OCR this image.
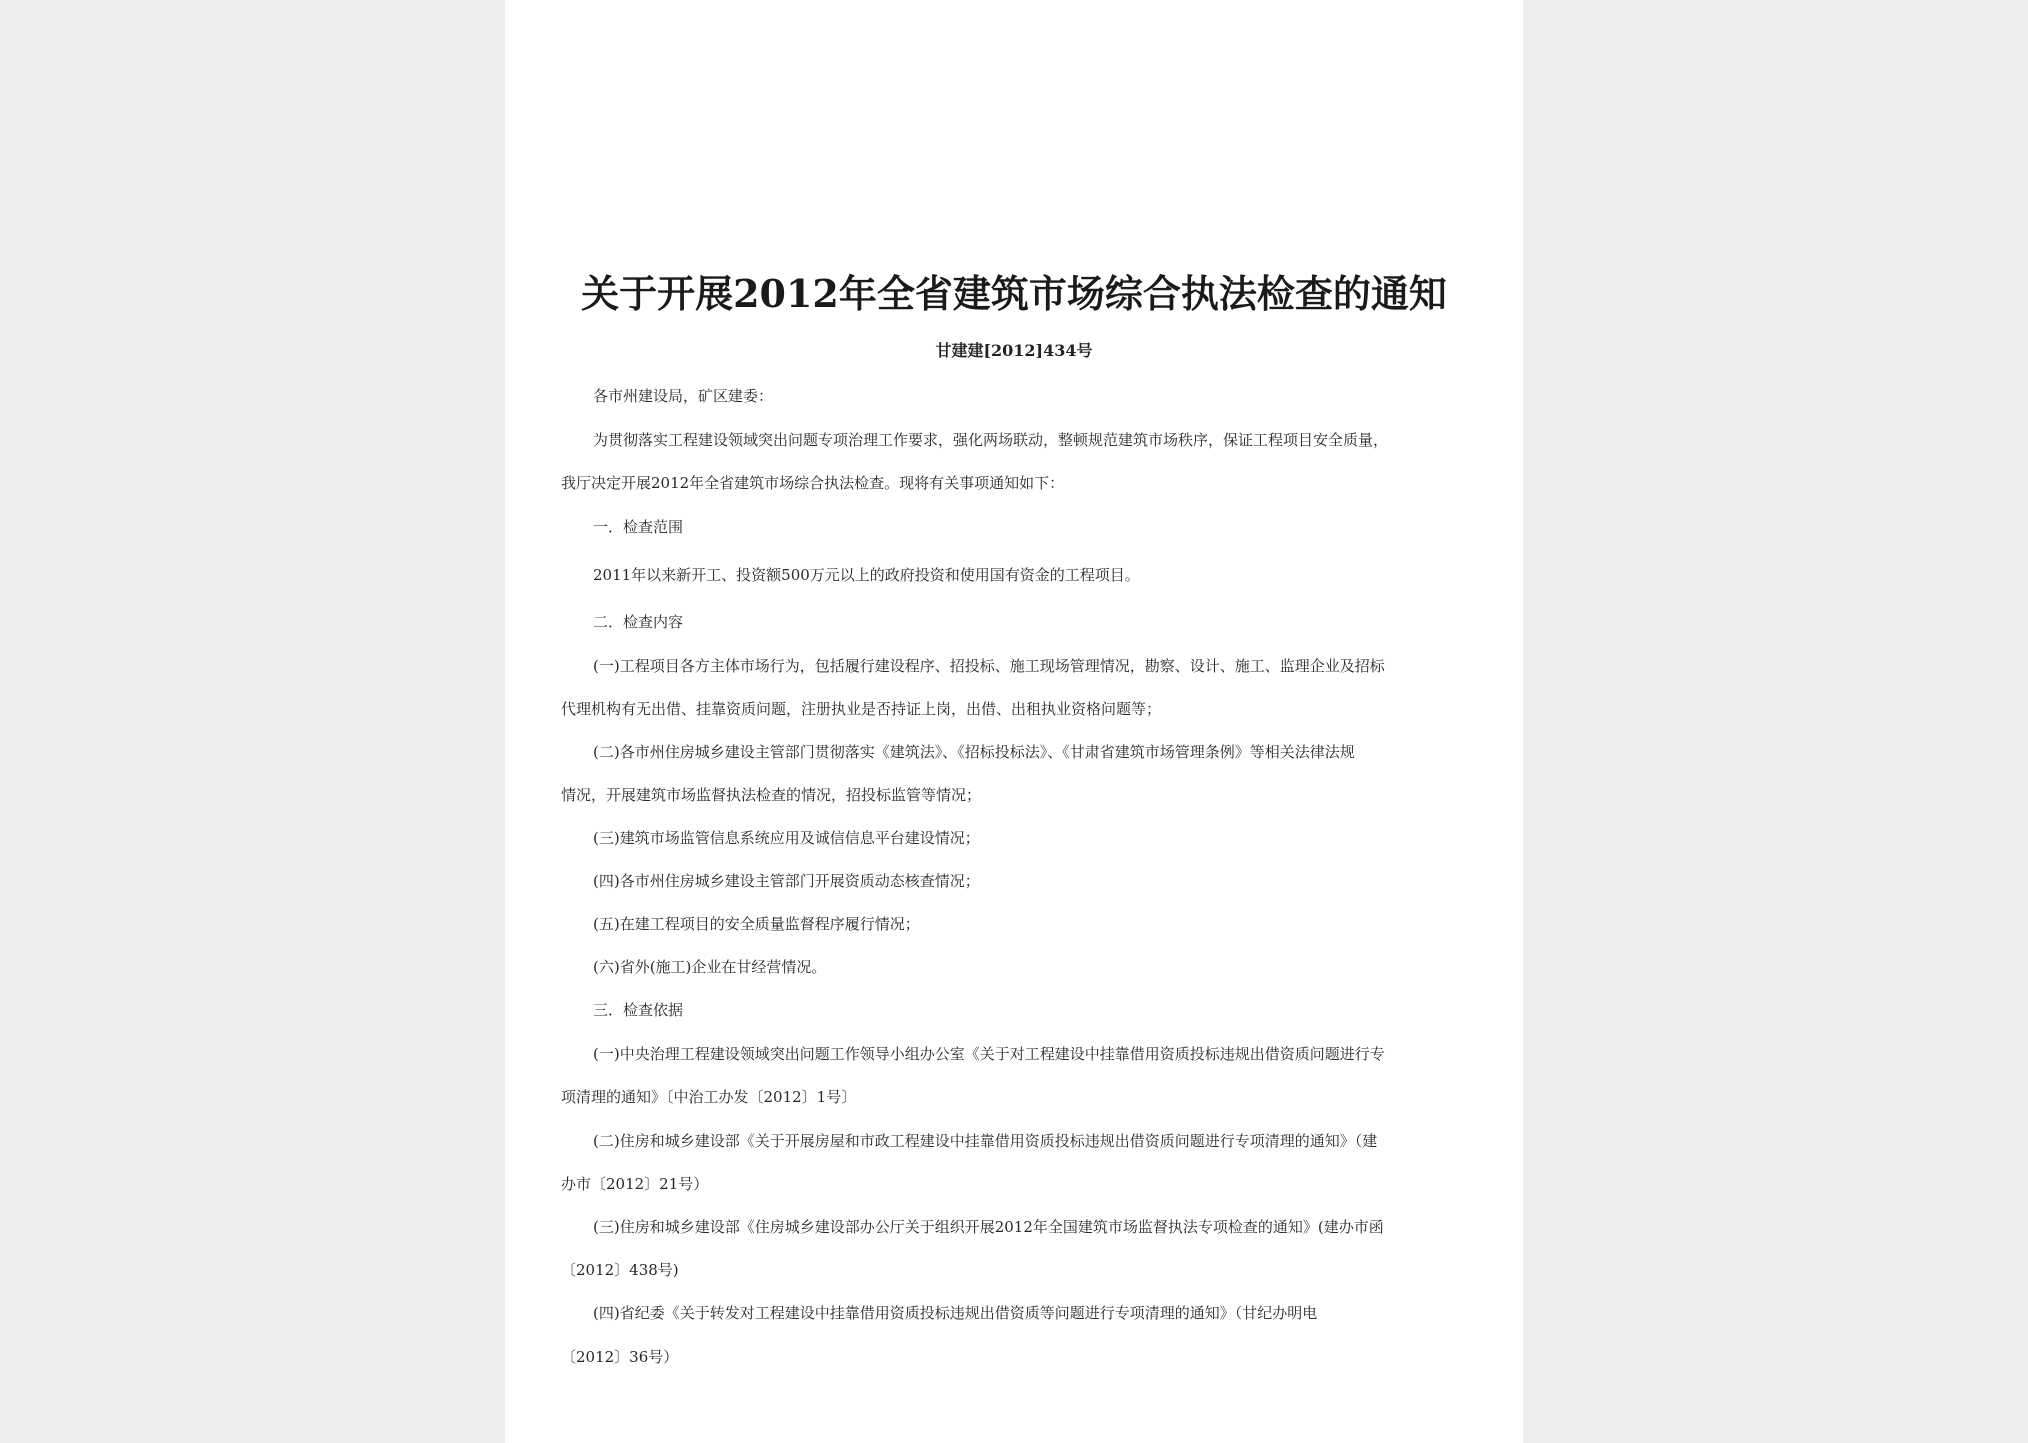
关于开展2012年全省建筑市场综合执法检查的通知
甘建建[2012]434号
各市州建设局，矿区建委：
为贯彻落实工程建设领域突出问题专项治理工作要求，强化两场联动，整顿规范建筑市场秩序，保证工程项目安全质量，
我厅决定开展2012年全省建筑市场综合执法检查。现将有关事项通知如下：
一．检查范围
2011年以来新开工、投资额500万元以上的政府投资和使用国有资金的工程项目。
二．检查内容
(一)工程项目各方主体市场行为，包括履行建设程序、招投标、施工现场管理情况，勘察、设计、施工、监理企业及招标
代理机构有无出借、挂靠资质问题，注册执业是否持证上岗，出借、出租执业资格问题等；
(二)各市州住房城乡建设主管部门贯彻落实《建筑法》、《招标投标法》、《甘肃省建筑市场管理条例》等相关法律法规
情况，开展建筑市场监督执法检查的情况，招投标监管等情况；
(三)建筑市场监管信息系统应用及诚信信息平台建设情况；
(四)各市州住房城乡建设主管部门开展资质动态核查情况；
(五)在建工程项目的安全质量监督程序履行情况；
(六)省外(施工)企业在甘经营情况。
三．检查依据
(一)中央治理工程建设领域突出问题工作领导小组办公室《关于对工程建设中挂靠借用资质投标违规出借资质问题进行专
项清理的通知》〔中治工办发〔2012〕1号〕
(二)住房和城乡建设部《关于开展房屋和市政工程建设中挂靠借用资质投标违规出借资质问题进行专项清理的通知》（建
办市〔2012〕21号）
(三)住房和城乡建设部《住房城乡建设部办公厅关于组织开展2012年全国建筑市场监督执法专项检查的通知》(建办市函
〔2012〕438号)
(四)省纪委《关于转发对工程建设中挂靠借用资质投标违规出借资质等问题进行专项清理的通知》（甘纪办明电
〔2012〕36号）
